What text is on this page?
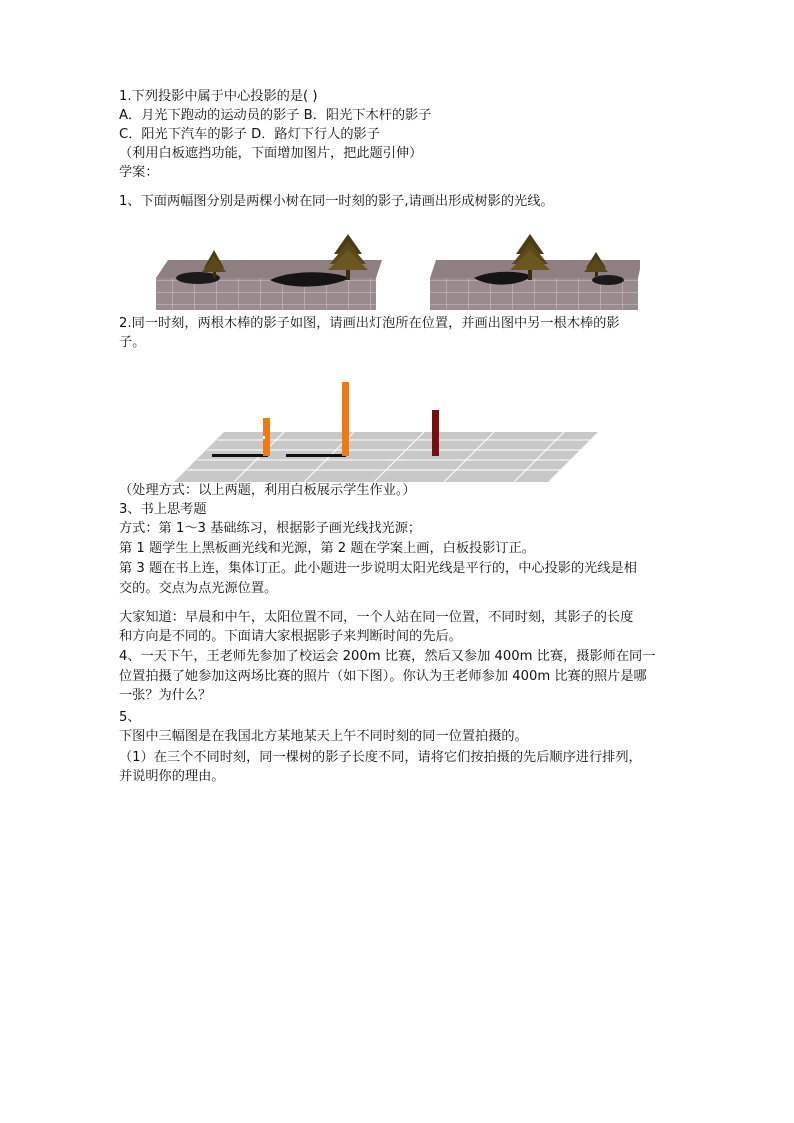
1.下列投影中属于中心投影的是( )
A．月光下跑动的运动员的影子 B．阳光下木杆的影子
C．阳光下汽车的影子 D．路灯下行人的影子
（利用白板遮挡功能，下面增加图片，把此题引伸）
学案：
1、下面两幅图分别是两棵小树在同一时刻的影子,请画出形成树影的光线。
2.同一时刻，两根木棒的影子如图，请画出灯泡所在位置，并画出图中另一根木棒的影
子。
（处理方式：以上两题，利用白板展示学生作业。）
3、书上思考题
方式：第 1～3 基础练习，根据影子画光线找光源；
第 1 题学生上黑板画光线和光源，第 2 题在学案上画，白板投影订正。
第 3 题在书上连，集体订正。此小题进一步说明太阳光线是平行的，中心投影的光线是相
交的。交点为点光源位置。
大家知道：早晨和中午，太阳位置不同，一个人站在同一位置，不同时刻，其影子的长度
和方向是不同的。下面请大家根据影子来判断时间的先后。
4、一天下午，王老师先参加了校运会 200m 比赛，然后又参加 400m 比赛，摄影师在同一
位置拍摄了她参加这两场比赛的照片（如下图）。你认为王老师参加 400m 比赛的照片是哪
一张？为什么？
5、
下图中三幅图是在我国北方某地某天上午不同时刻的同一位置拍摄的。
（1）在三个不同时刻，同一棵树的影子长度不同，请将它们按拍摄的先后顺序进行排列，
并说明你的理由。
